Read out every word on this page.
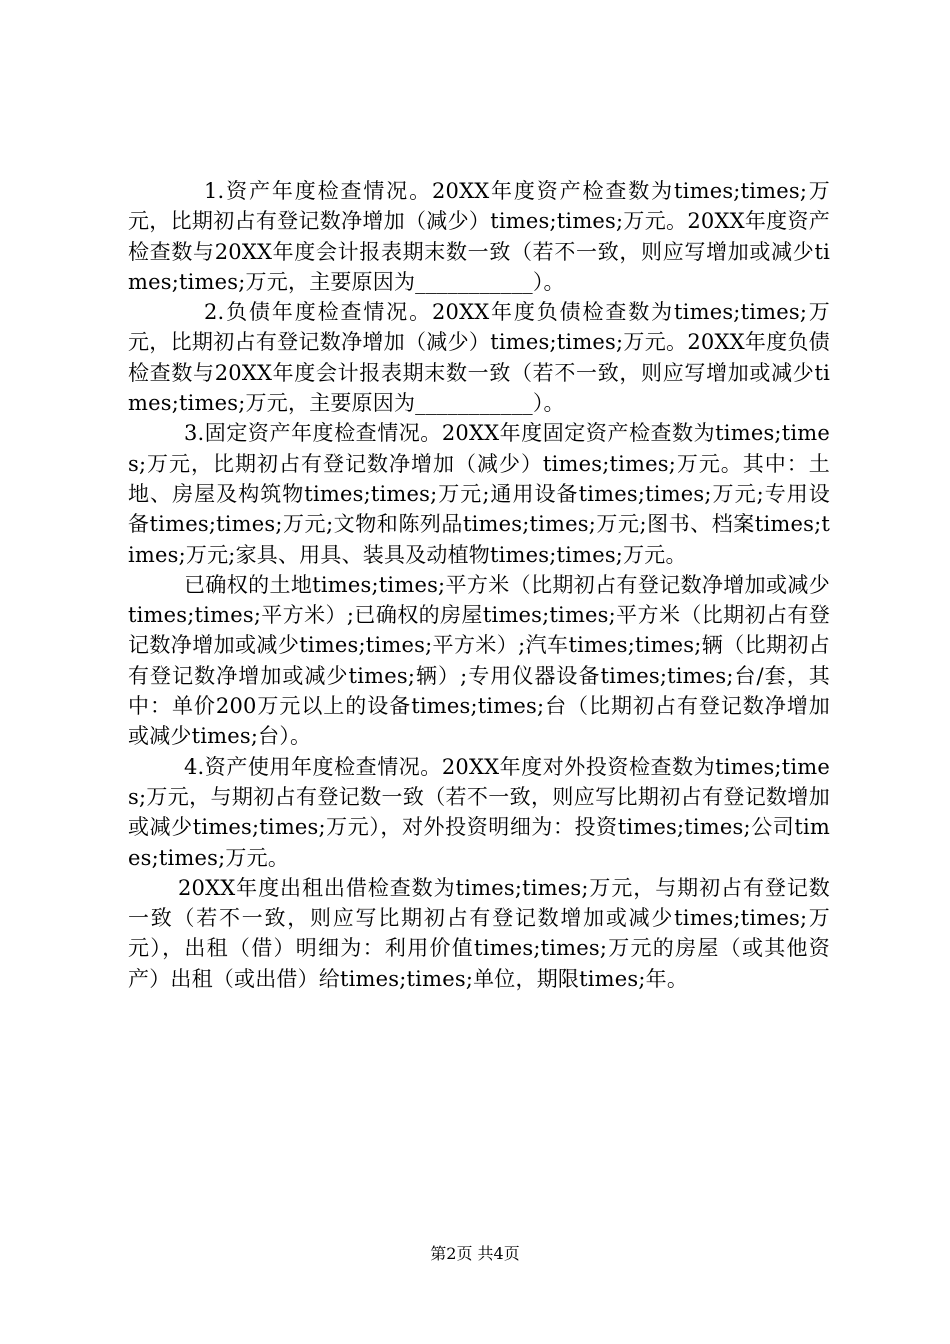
1.资产年度检查情况。20XX年度资产检查数为times;times;万元，比期初占有登记数净增加（减少）times;times;万元。20XX年度资产检查数与20XX年度会计报表期末数一致（若不一致，则应写增加或减少times;times;万元，主要原因为___________）。

2.负债年度检查情况。20XX年度负债检查数为times;times;万元，比期初占有登记数净增加（减少）times;times;万元。20XX年度负债检查数与20XX年度会计报表期末数一致（若不一致，则应写增加或减少times;times;万元，主要原因为___________）。

3.固定资产年度检查情况。20XX年度固定资产检查数为times;times;万元，比期初占有登记数净增加（减少）times;times;万元。其中：土地、房屋及构筑物times;times;万元;通用设备times;times;万元;专用设备times;times;万元;文物和陈列品times;times;万元;图书、档案times;times;万元;家具、用具、装具及动植物times;times;万元。

已确权的土地times;times;平方米（比期初占有登记数净增加或减少times;times;平方米）;已确权的房屋times;times;平方米（比期初占有登记数净增加或减少times;times;平方米）;汽车times;times;辆（比期初占有登记数净增加或减少times;辆）;专用仪器设备times;times;台/套，其中：单价200万元以上的设备times;times;台（比期初占有登记数净增加或减少times;台）。

4.资产使用年度检查情况。20XX年度对外投资检查数为times;times;万元，与期初占有登记数一致（若不一致，则应写比期初占有登记数增加或减少times;times;万元），对外投资明细为：投资times;times;公司times;times;万元。

20XX年度出租出借检查数为times;times;万元，与期初占有登记数一致（若不一致，则应写比期初占有登记数增加或减少times;times;万元），出租（借）明细为：利用价值times;times;万元的房屋（或其他资产）出租（或出借）给times;times;单位，期限times;年。

第2页 共4页
